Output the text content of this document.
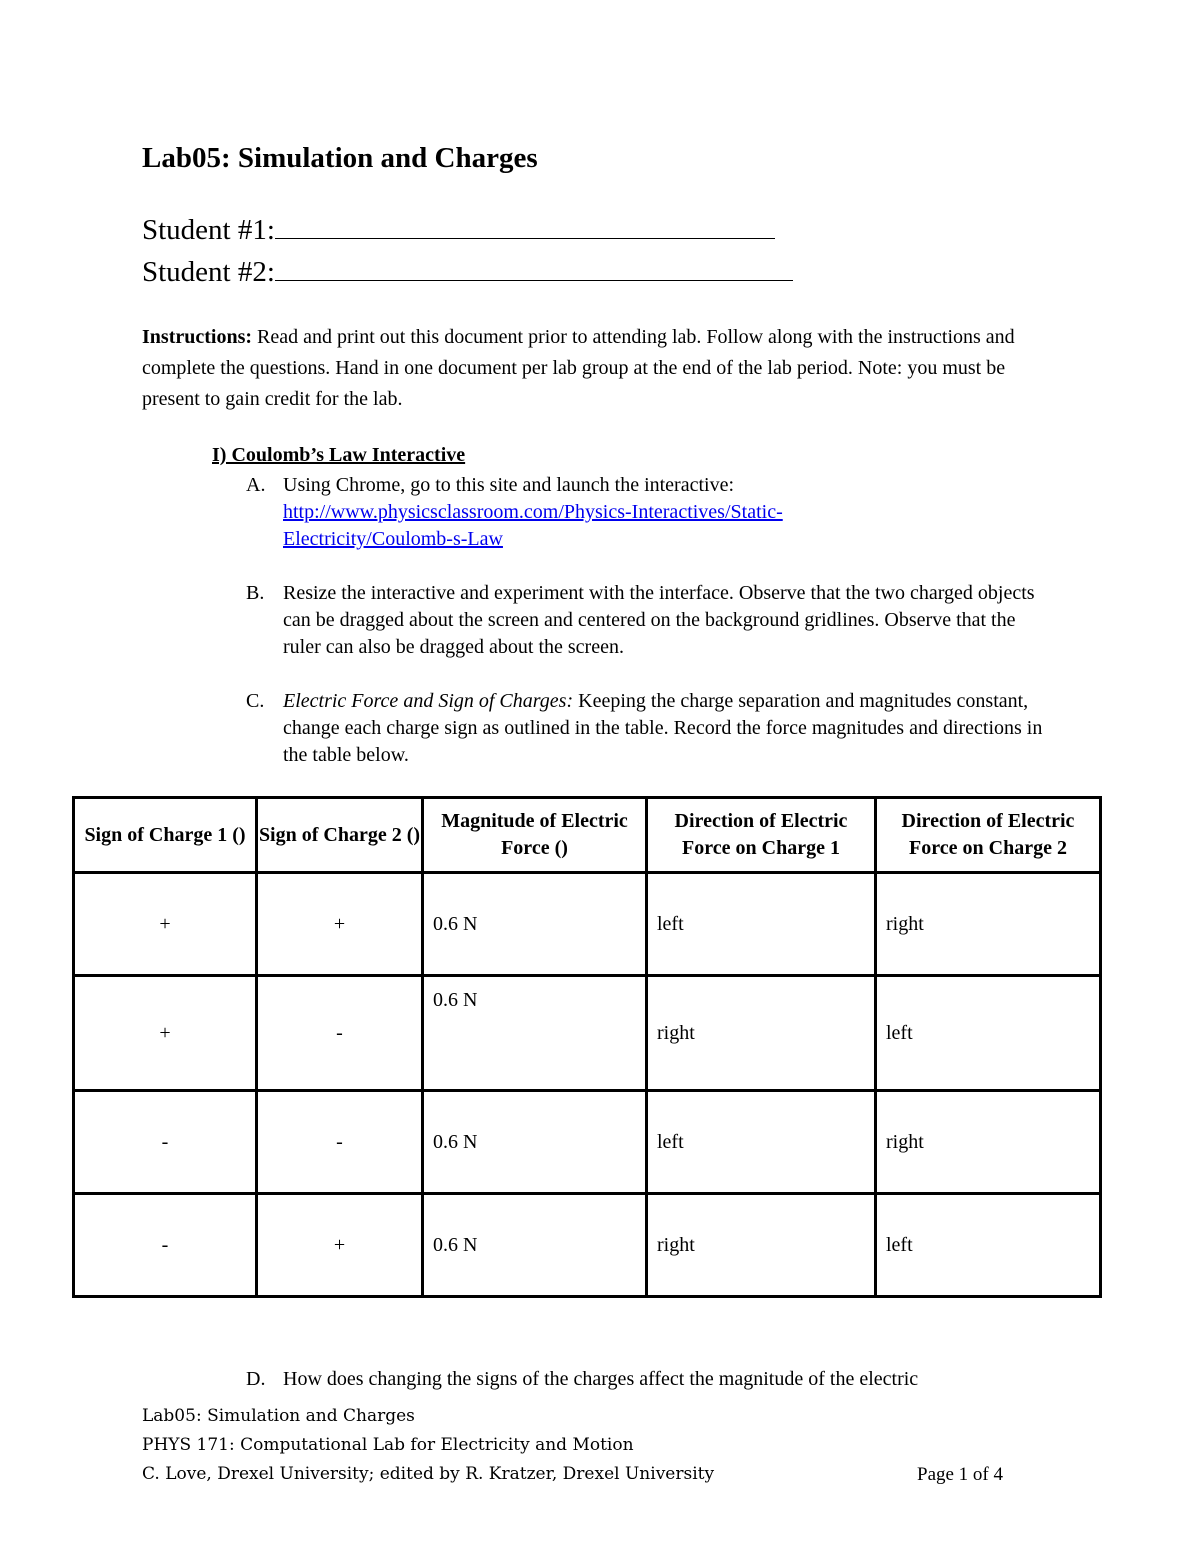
Lab05: Simulation and Charges
Student #1:
Student #2:
Instructions: Read and print out this document prior to attending lab. Follow along with the instructions and complete the questions. Hand in one document per lab group at the end of the lab period. Note: you must be present to gain credit for the lab.
I) Coulomb’s Law Interactive
A. Using Chrome, go to this site and launch the interactive:
http://www.physicsclassroom.com/Physics-Interactives/Static-Electricity/Coulomb-s-Law
B. Resize the interactive and experiment with the interface. Observe that the two charged objects can be dragged about the screen and centered on the background gridlines. Observe that the ruler can also be dragged about the screen.
C. Electric Force and Sign of Charges: Keeping the charge separation and magnitudes constant, change each charge sign as outlined in the table. Record the force magnitudes and directions in the table below.
Sign of Charge 1 ()	Sign of Charge 2 ()	Magnitude of Electric Force ()	Direction of Electric Force on Charge 1	Direction of Electric Force on Charge 2
+	+	0.6 N	left	right
+	-	0.6 N	right	left
-	-	0.6 N	left	right
-	+	0.6 N	right	left
D. How does changing the signs of the charges affect the magnitude of the electric
Lab05: Simulation and Charges
PHYS 171: Computational Lab for Electricity and Motion
C. Love, Drexel University; edited by R. Kratzer, Drexel University	Page 1 of 4
